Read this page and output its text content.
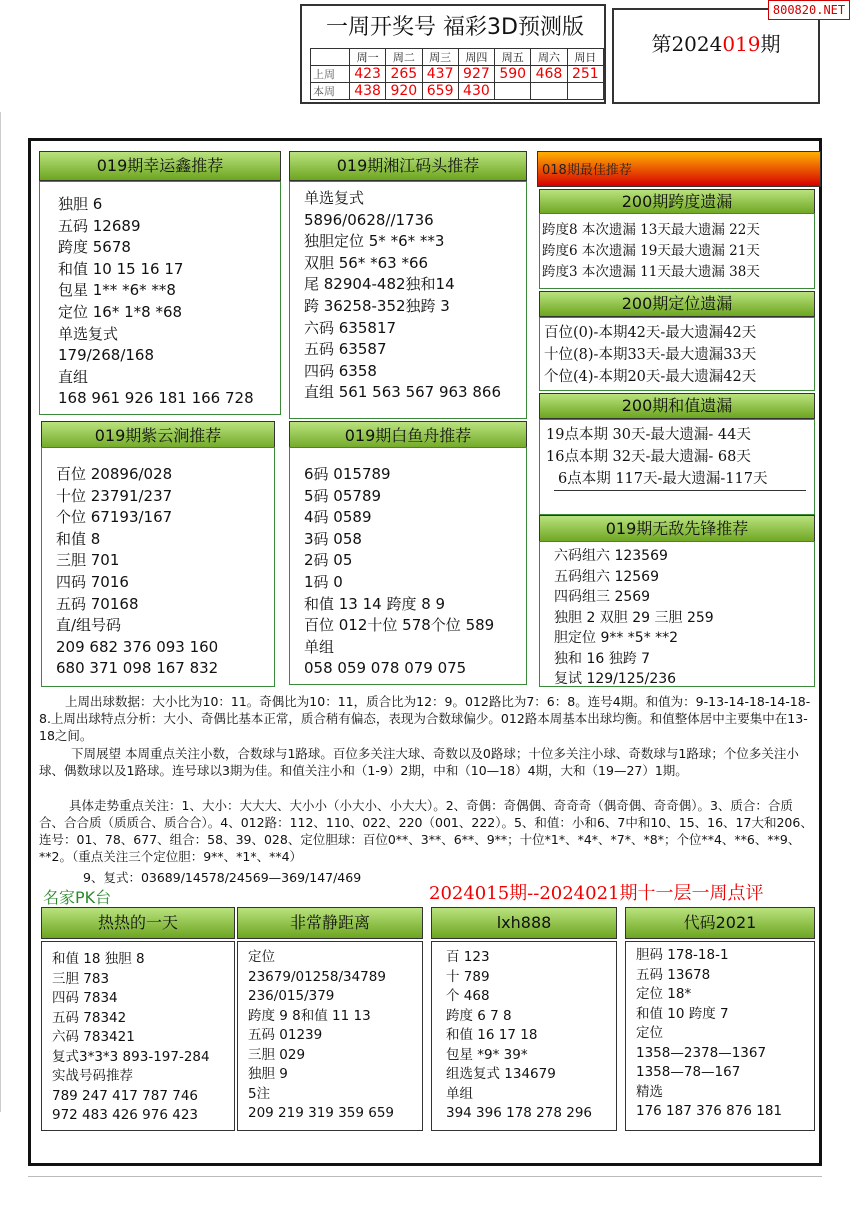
一周开奖号 福彩3D预测版
	周一	周二	周三	周四	周五	周六	周日
上周	423	265	437	927	590	468	251
本周	438	920	659	430			
第2024019期
800820.NET
019期幸运鑫推荐
独胆 6
五码 12689
跨度 5678
和值 10 15 16 17
包星 1** *6* **8
定位 16* 1*8 *68
单选复式
179/268/168
直组
168 961 926 181 166 728
019期湘江码头推荐
单选复式
5896/0628//1736
独胆定位 5* *6* **3
双胆 56* *63 *66
尾 82904-482独和14
跨 36258-352独跨 3
六码 635817
五码 63587
四码 6358
直组 561 563 567 963 866
019期紫云涧推荐
百位 20896/028
十位 23791/237
个位 67193/167
和值 8
三胆 701
四码 7016
五码 70168
直/组号码
209 682 376 093 160
680 371 098 167 832
019期白鱼舟推荐
6码 015789
5码 05789
4码 0589
3码 058
2码 05
1码 0
和值 13 14 跨度 8 9
百位 012十位 578个位 589
单组
058 059 078 079 075
018期最佳推荐
200期跨度遗漏
跨度8 本次遗漏 13天最大遗漏 22天
跨度6 本次遗漏 19天最大遗漏 21天
跨度3 本次遗漏 11天最大遗漏 38天
200期定位遗漏
百位(0)-本期42天-最大遗漏42天
十位(8)-本期33天-最大遗漏33天
个位(4)-本期20天-最大遗漏42天
200期和值遗漏
19点本期 30天-最大遗漏- 44天
16点本期 32天-最大遗漏- 68天
6点本期 117天-最大遗漏-117天
019期无敌先锋推荐
六码组六 123569
五码组六 12569
四码组三 2569
独胆 2 双胆 29 三胆 259
胆定位 9** *5* **2
独和 16 独跨 7
复试 129/125/236
上周出球数据：大小比为10：11。奇偶比为10：11，质合比为12：9。012路比为7：6：8。连号4期。和值为：9-13-14-18-14-18-8.上周出球特点分析：大小、奇偶比基本正常，质合稍有偏态，表现为合数球偏少。012路本周基本出球均衡。和值整体居中主要集中在13-18之间。
下周展望 本周重点关注小数，合数球与1路球。百位多关注大球、奇数以及0路球；十位多关注小球、奇数球与1路球；个位多关注小球、偶数球以及1路球。连号球以3期为佳。和值关注小和（1-9）2期，中和（10—18）4期，大和（19—27）1期。
具体走势重点关注：1、大小：大大大、大小小（小大小、小大大）。2、奇偶：奇偶偶、奇奇奇（偶奇偶、奇奇偶）。3、质合：合质合、合合质（质质合、质合合）。4、012路：112、110、022、220（001、222）。5、和值：小和6、7中和10、15、16、17大和206、连号：01、78、677、组合：58、39、028、定位胆球：百位0**、3**、6**、9**；十位*1*、*4*、*7*、*8*；个位**4、**6、**9、**2。（重点关注三个定位胆：9**、*1*、**4）
9、复式：03689/14578/24569—369/147/469
名家PK台	2024015期--2024021期十一层一周点评
热热的一天
和值 18 独胆 8
三胆 783
四码 7834
五码 78342
六码 783421
复式3*3*3 893-197-284
实战号码推荐
789 247 417 787 746
972 483 426 976 423
非常静距离
定位
23679/01258/34789
236/015/379
跨度 9 8和值 11 13
五码 01239
三胆 029
独胆 9
5注
209 219 319 359 659
lxh888
百 123
十 789
个 468
跨度 6 7 8
和值 16 17 18
包星 *9* 39*
组选复式 134679
单组
394 396 178 278 296
代码2021
胆码 178-18-1
五码 13678
定位 18*
和值 10 跨度 7
定位
1358—2378—1367
1358—78—167
精选
176 187 376 876 181
